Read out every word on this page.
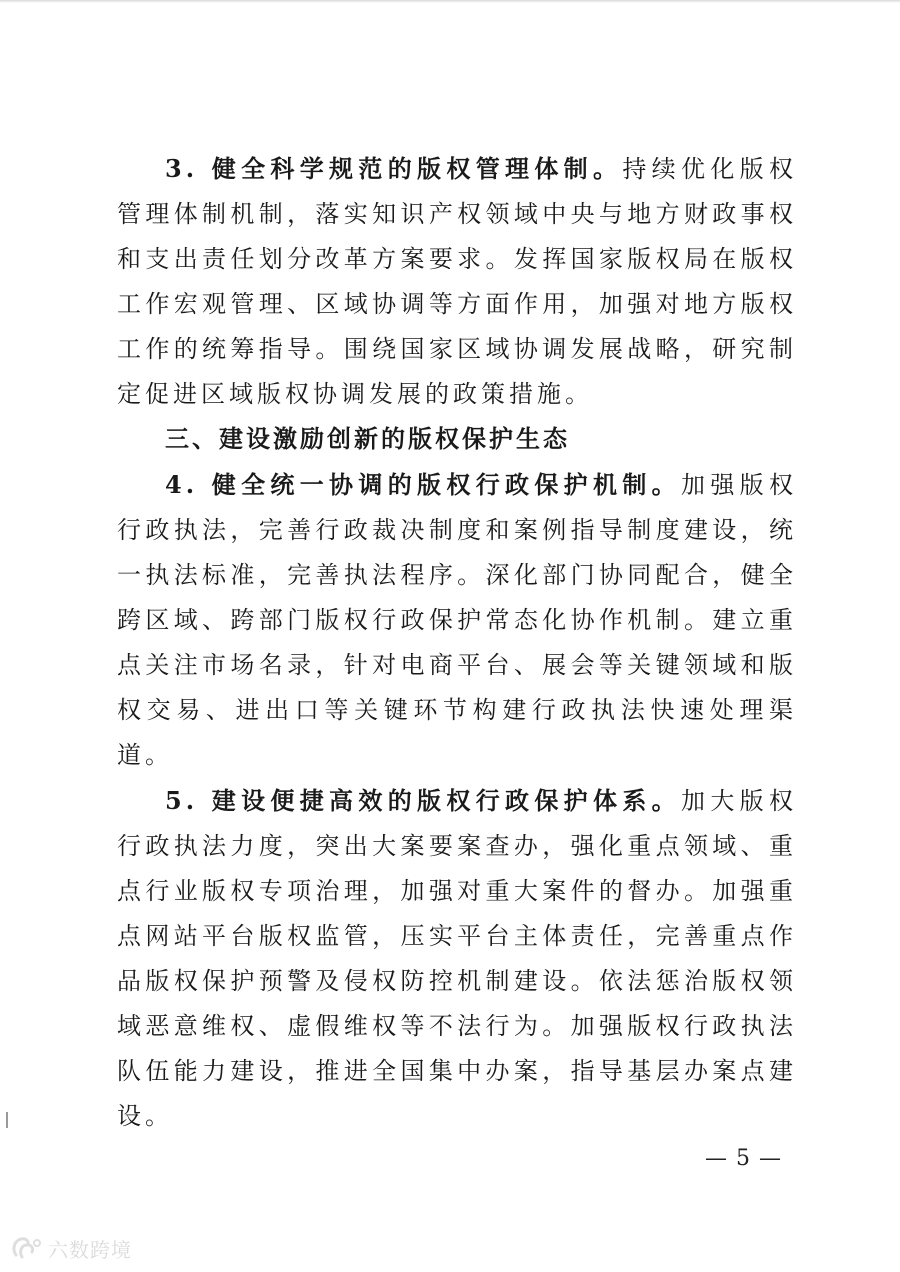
3. 健全科学规范的版权管理体制。持续优化版权管理体制机制，落实知识产权领域中央与地方财政事权和支出责任划分改革方案要求。发挥国家版权局在版权工作宏观管理、区域协调等方面作用，加强对地方版权工作的统筹指导。围绕国家区域协调发展战略，研究制定促进区域版权协调发展的政策措施。

三、建设激励创新的版权保护生态

4. 健全统一协调的版权行政保护机制。加强版权行政执法，完善行政裁决制度和案例指导制度建设，统一执法标准，完善执法程序。深化部门协同配合，健全跨区域、跨部门版权行政保护常态化协作机制。建立重点关注市场名录，针对电商平台、展会等关键领域和版权交易、进出口等关键环节构建行政执法快速处理渠道。

5. 建设便捷高效的版权行政保护体系。加大版权行政执法力度，突出大案要案查办，强化重点领域、重点行业版权专项治理，加强对重大案件的督办。加强重点网站平台版权监管，压实平台主体责任，完善重点作品版权保护预警及侵权防控机制建设。依法惩治版权领域恶意维权、虚假维权等不法行为。加强版权行政执法队伍能力建设，推进全国集中办案，指导基层办案点建设。

— 5 —
六数跨境
